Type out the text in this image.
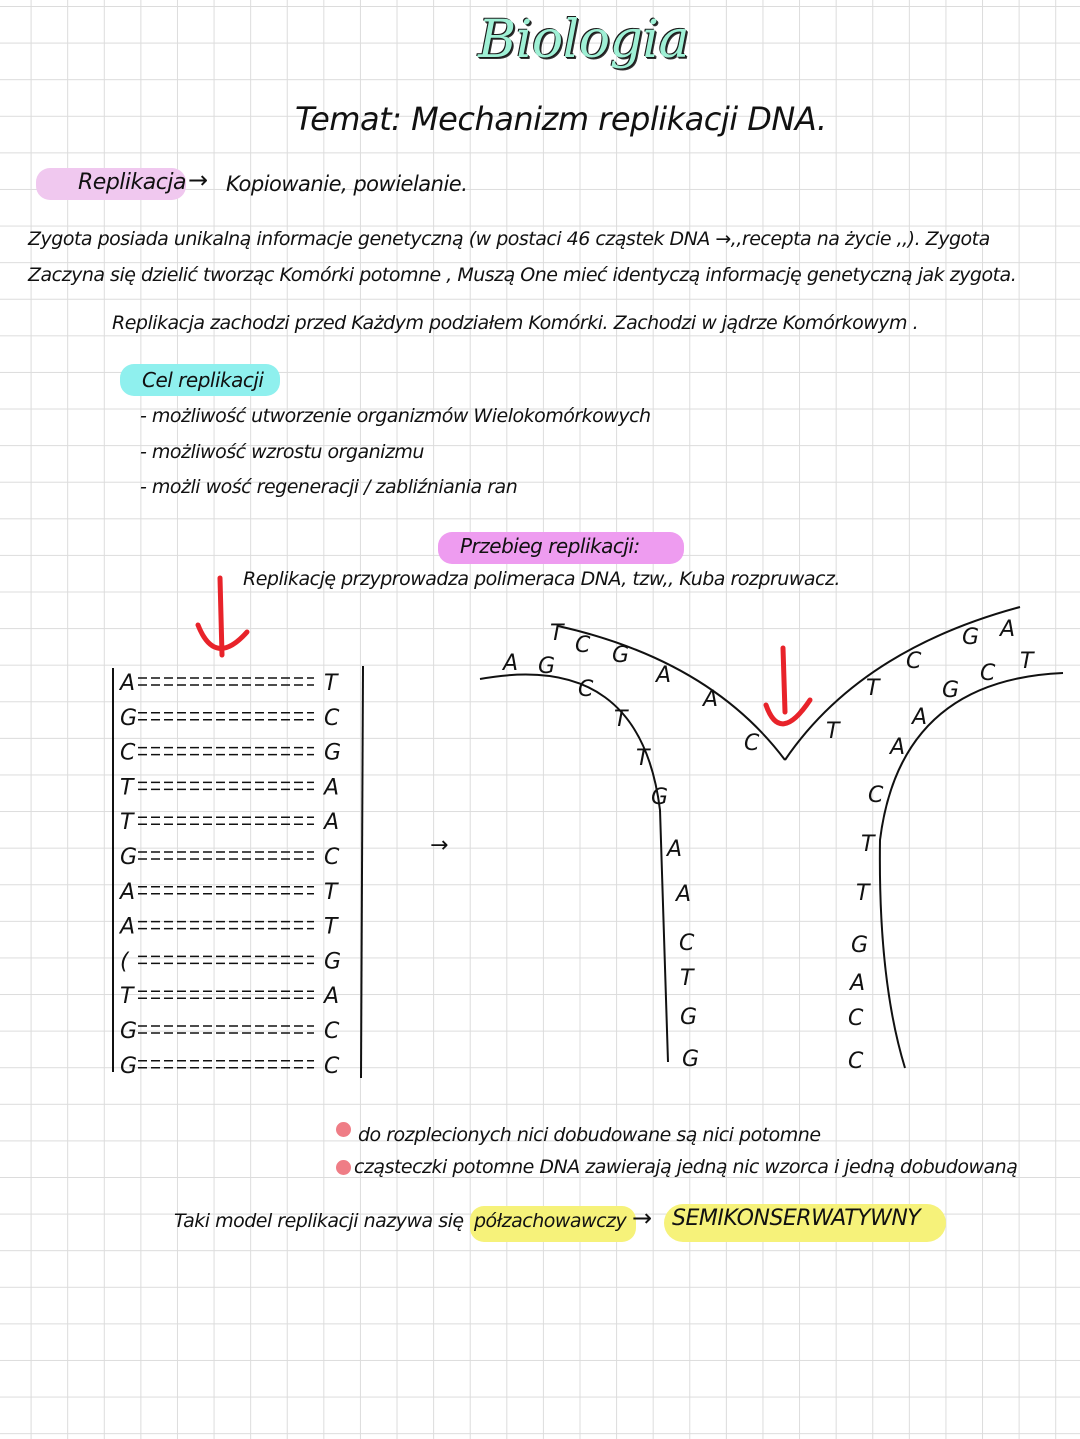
Biologia
Temat: Mechanizm replikacji DNA.
Replikacja → Kopiowanie, powielanie.
Zygota posiada unikalną informacje genetyczną (w postaci 46 cząstek DNA →,,recepta na życie ,,). Zygota
Zaczyna się dzielić tworząc Komórki potomne , Muszą One mieć identyczą informację genetyczną jak zygota.
Replikacja zachodzi przed Każdym podziałem Komórki. Zachodzi w jądrze Komórkowym .
Cel replikacji
- możliwość utworzenie organizmów Wielokomórkowych
- możliwość wzrostu organizmu
- możli wość regeneracji / zabliźniania ran
Przebieg replikacji:
Replikację przyprowadza polimeraca DNA, tzw,, Kuba rozpruwacz.
A	T
G	C
C	G
T	A
T	A
G	C
A	T
A	T
(	G
T	A
G	C
G	C
→
T C G
A
A
C
A G
C
T
T
G
A
A
C
T
G
G
T
T
C
G A
T
C
G
A
A
C
T
T
G
A
C
C
do rozplecionych nici dobudowane są nici potomne
cząsteczki potomne DNA zawierają jedną nic wzorca i jedną dobudowaną
Taki model replikacji nazywa się półzachowawczy → SEMIKONSERWATYWNY
